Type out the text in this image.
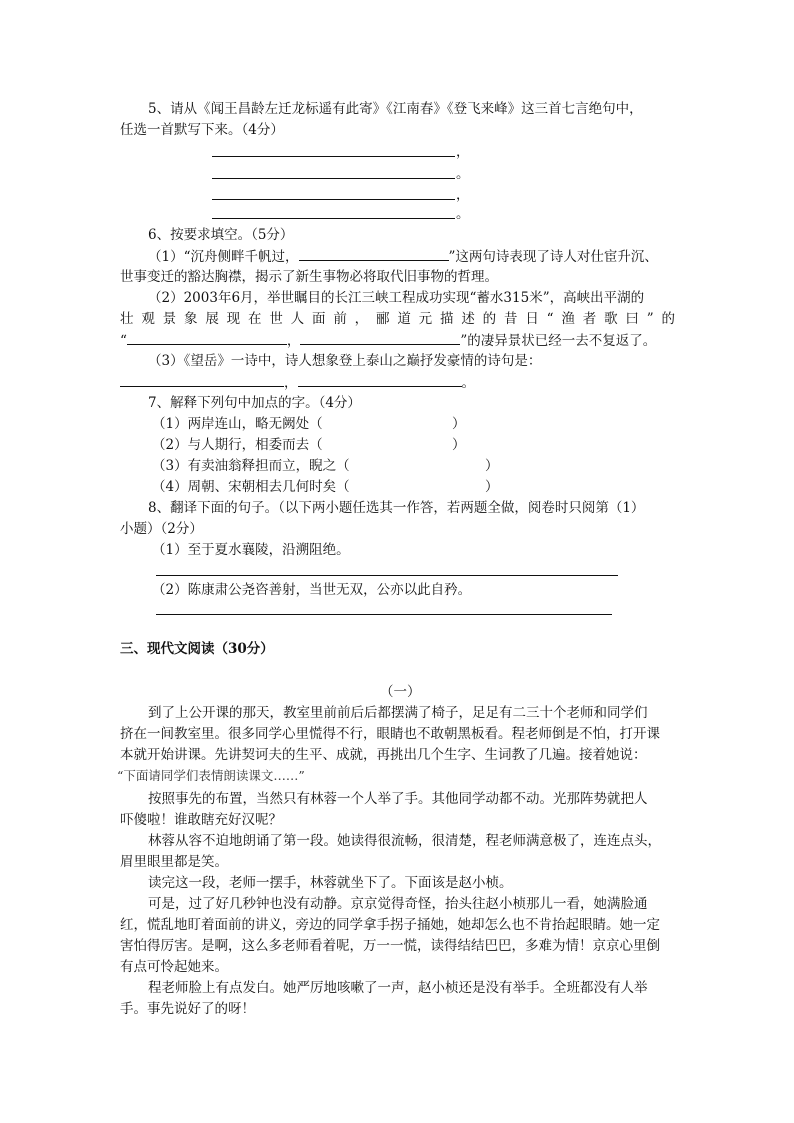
5、请从《闻王昌龄左迁龙标遥有此寄》《江南春》《登飞来峰》这三首七言绝句中，
任选一首默写下来。（4分）
，
。
，
。
6、按要求填空。（5分）
（1）“沉舟侧畔千帆过，	”这两句诗表现了诗人对仕宦升沉、
世事变迁的豁达胸襟，揭示了新生事物必将取代旧事物的哲理。
（2）2003年6月，举世瞩目的长江三峡工程成功实现“蓄水315米”，高峡出平湖的
壮观景象展现在世人面前，郦道元描述的昔日“渔者歌曰”的
“	，	”的凄异景状已经一去不复返了。
（3）《望岳》一诗中，诗人想象登上泰山之巅抒发豪情的诗句是：
，	。
7、解释下列句中加点的字。（4分）
（1）两岸连山，略无阙处（	）
（2）与人期行，相委而去（	）
（3）有卖油翁释担而立，睨之（	）
（4）周朝、宋朝相去几何时矣（	）
8、翻译下面的句子。（以下两小题任选其一作答，若两题全做，阅卷时只阅第（1）
小题）（2分）
（1）至于夏水襄陵，沿溯阻绝。
（2）陈康肃公尧咨善射，当世无双，公亦以此自矜。
三、现代文阅读（30分）
（一）
到了上公开课的那天，教室里前前后后都摆满了椅子，足足有二三十个老师和同学们
挤在一间教室里。很多同学心里慌得不行，眼睛也不敢朝黑板看。程老师倒是不怕，打开课
本就开始讲课。先讲契诃夫的生平、成就，再挑出几个生字、生词教了几遍。接着她说：
“下面请同学们表情朗读课文……”
按照事先的布置，当然只有林蓉一个人举了手。其他同学动都不动。光那阵势就把人
吓傻啦！谁敢瞎充好汉呢？
林蓉从容不迫地朗诵了第一段。她读得很流畅，很清楚，程老师满意极了，连连点头，
眉里眼里都是笑。
读完这一段，老师一摆手，林蓉就坐下了。下面该是赵小桢。
可是，过了好几秒钟也没有动静。京京觉得奇怪，抬头往赵小桢那儿一看，她满脸通
红，慌乱地盯着面前的讲义，旁边的同学拿手拐子捅她，她却怎么也不肯抬起眼睛。她一定
害怕得厉害。是啊，这么多老师看着呢，万一一慌，读得结结巴巴，多难为情！京京心里倒
有点可怜起她来。
程老师脸上有点发白。她严厉地咳嗽了一声，赵小桢还是没有举手。全班都没有人举
手。事先说好了的呀！
